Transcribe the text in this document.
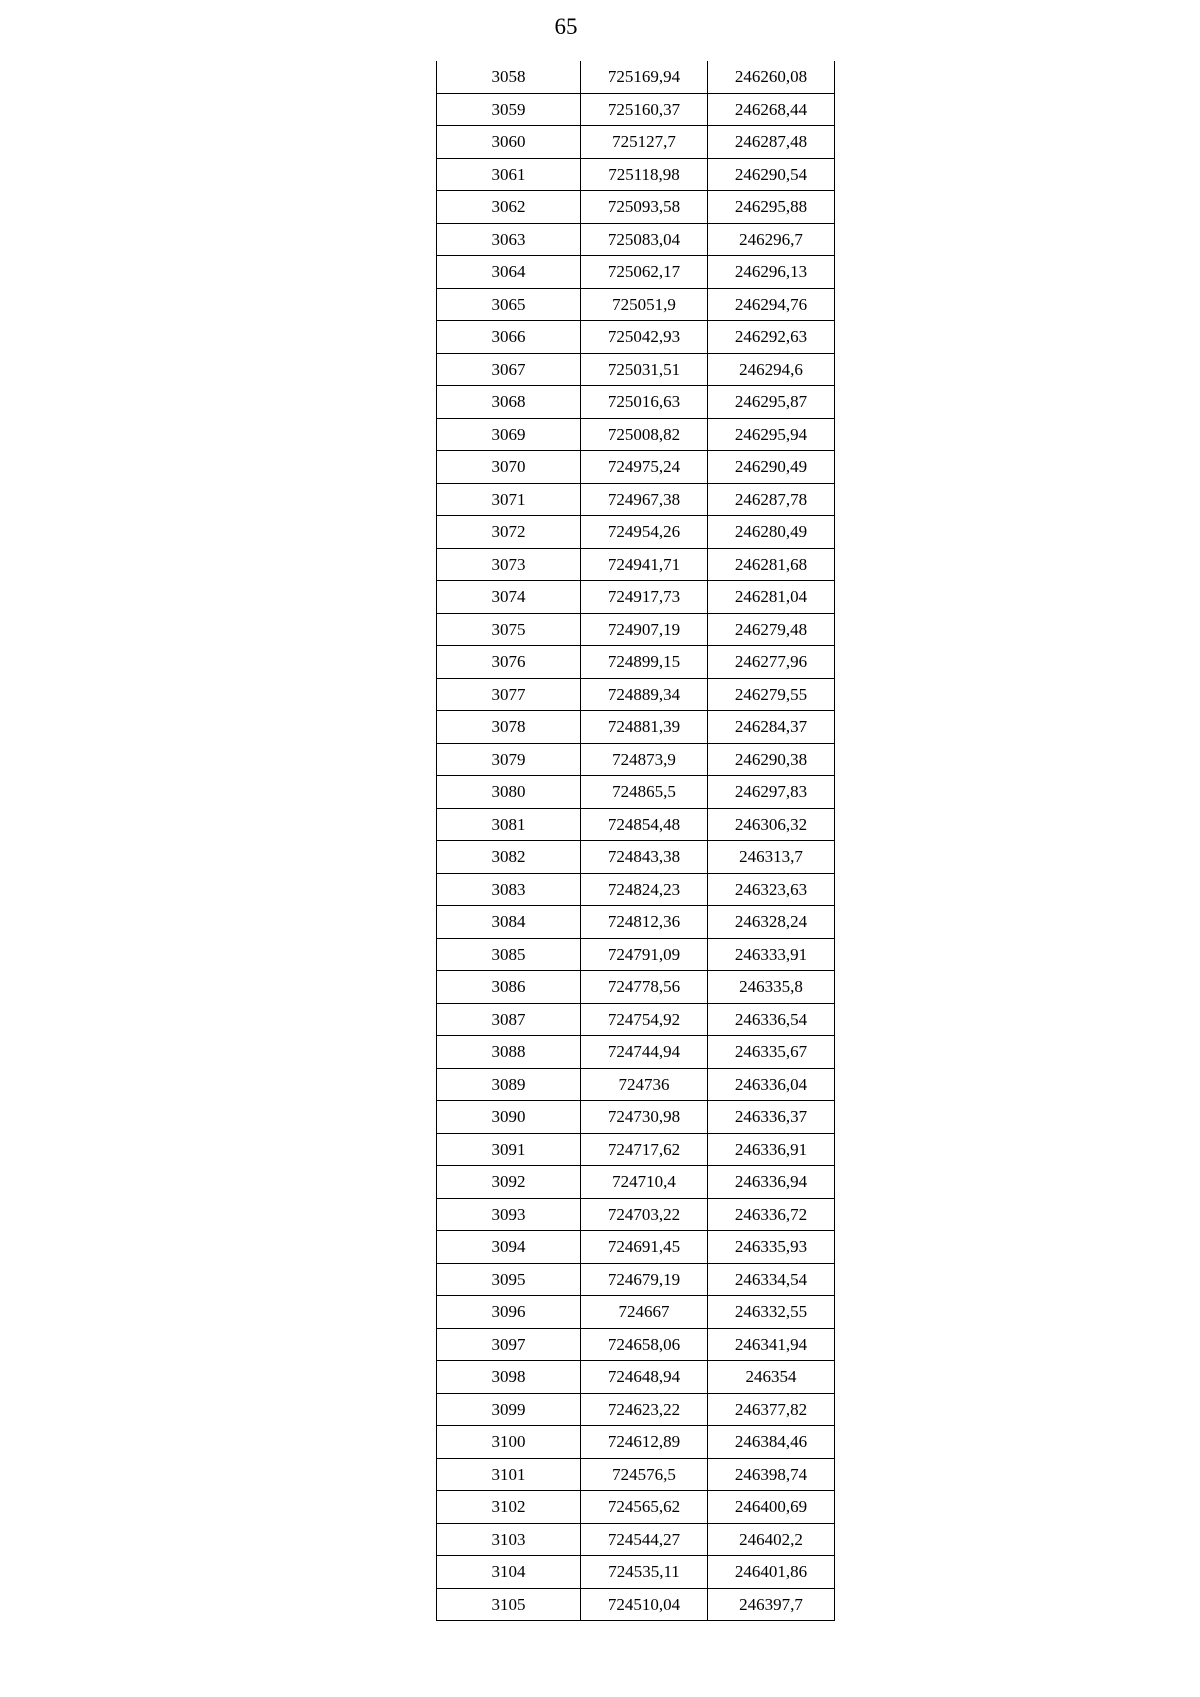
65
3058	725169,94	246260,08
3059	725160,37	246268,44
3060	725127,7	246287,48
3061	725118,98	246290,54
3062	725093,58	246295,88
3063	725083,04	246296,7
3064	725062,17	246296,13
3065	725051,9	246294,76
3066	725042,93	246292,63
3067	725031,51	246294,6
3068	725016,63	246295,87
3069	725008,82	246295,94
3070	724975,24	246290,49
3071	724967,38	246287,78
3072	724954,26	246280,49
3073	724941,71	246281,68
3074	724917,73	246281,04
3075	724907,19	246279,48
3076	724899,15	246277,96
3077	724889,34	246279,55
3078	724881,39	246284,37
3079	724873,9	246290,38
3080	724865,5	246297,83
3081	724854,48	246306,32
3082	724843,38	246313,7
3083	724824,23	246323,63
3084	724812,36	246328,24
3085	724791,09	246333,91
3086	724778,56	246335,8
3087	724754,92	246336,54
3088	724744,94	246335,67
3089	724736	246336,04
3090	724730,98	246336,37
3091	724717,62	246336,91
3092	724710,4	246336,94
3093	724703,22	246336,72
3094	724691,45	246335,93
3095	724679,19	246334,54
3096	724667	246332,55
3097	724658,06	246341,94
3098	724648,94	246354
3099	724623,22	246377,82
3100	724612,89	246384,46
3101	724576,5	246398,74
3102	724565,62	246400,69
3103	724544,27	246402,2
3104	724535,11	246401,86
3105	724510,04	246397,7
